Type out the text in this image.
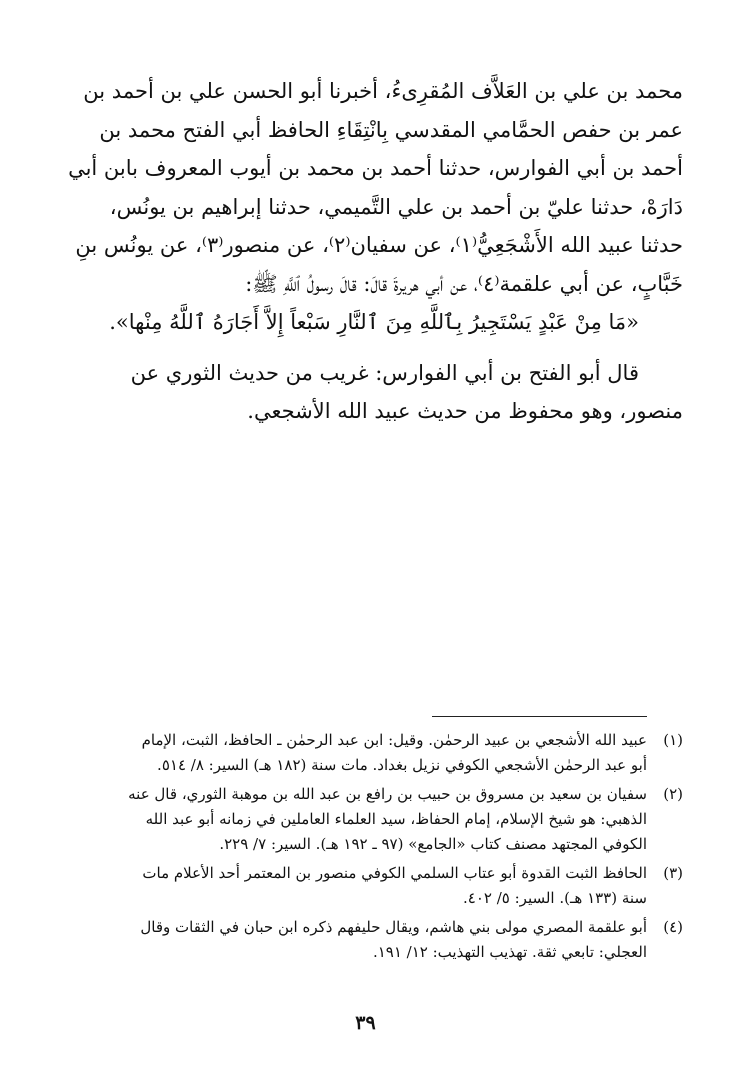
محمد بن علي بن العَلاَّف المُقرِىءُ، أخبرنا أبو الحسن علي بن أحمد بن
عمر بن حفص الحمَّامي المقدسي بِانْتِقَاءِ الحافظ أبي الفتح محمد بن
أحمد بن أبي الفوارس، حدثنا أحمد بن محمد بن أيوب المعروف بابن أبي
دَارَهْ، حدثنا عليّ بن أحمد بن علي التَّميمي، حدثنا إبراهيم بن يونُس،
حدثنا عبيد الله الأَشْجَعِيُّ⁽١⁾، عن سفيان⁽٢⁾، عن منصور⁽٣⁾، عن يونُس بنِ
خَبَّابٍ، عن أبي علقمة⁽٤⁾، عن أبي هريرةَ قالَ: قالَ رسولُ ٱللَّهِ ﷺ:
«مَا مِنْ عَبْدٍ يَسْتَجِيرُ بِٱللَّهِ مِنَ ٱلنَّارِ سَبْعاً إِلاَّ أَجَارَهُ ٱللَّهُ مِنْها».
قال أبو الفتح بن أبي الفوارس: غريب من حديث الثوري عن
منصور، وهو محفوظ من حديث عبيد الله الأشجعي.
(١)
عبيد الله الأشجعي بن عبيد الرحمٰن. وقيل: ابن عبد الرحمٰن ـ الحافظ، الثبت، الإمام
أبو عبد الرحمٰن الأشجعي الكوفي نزيل بغداد. مات سنة (١٨٢ هـ) السير: ٨/ ٥١٤.
(٢)
سفيان بن سعيد بن مسروق بن حبيب بن رافع بن عبد الله بن موهبة الثوري، قال عنه
الذهبي: هو شيخ الإسلام، إمام الحفاظ، سيد العلماء العاملين في زمانه أبو عبد الله
الكوفي المجتهد مصنف كتاب «الجامع» (٩٧ ـ ١٩٢ هـ). السير: ٧/ ٢٢٩.
(٣)
الحافظ الثبت القدوة أبو عتاب السلمي الكوفي منصور بن المعتمر أحد الأعلام مات
سنة (١٣٣ هـ). السير: ٥/ ٤٠٢.
(٤)
أبو علقمة المصري مولى بني هاشم، ويقال حليفهم ذكره ابن حبان في الثقات وقال
العجلي: تابعي ثقة. تهذيب التهذيب: ١٢/ ١٩١.
٣٩
